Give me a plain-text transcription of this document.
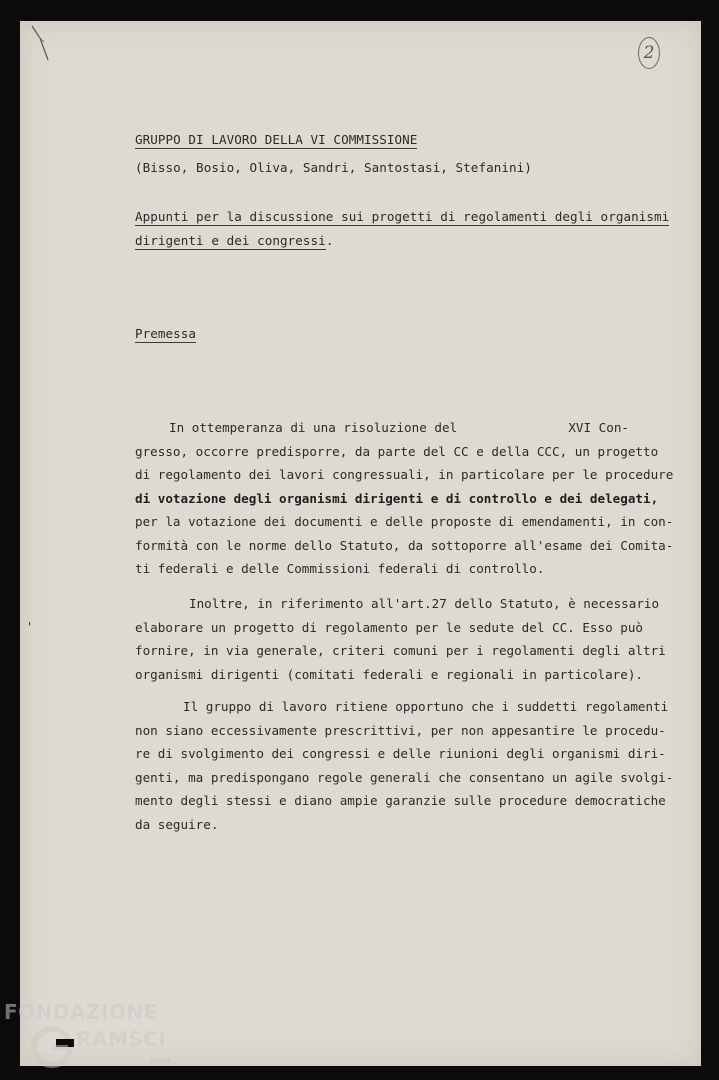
2
GRUPPO DI LAVORO DELLA VI COMMISSIONE
(Bisso, Bosio, Oliva, Sandri, Santostasi, Stefanini)
Appunti per la discussione sui progetti di regolamenti degli organismi
dirigenti e dei congressi.
Premessa
In ottemperanza di una risoluzione del	XVI Con-
gresso, occorre predisporre, da parte del CC e della CCC, un progetto
di regolamento dei lavori congressuali, in particolare per le procedure
di votazione degli organismi dirigenti e di controllo e dei delegati,
per la votazione dei documenti e delle proposte di emendamenti, in con-
formità con le norme dello Statuto, da sottoporre all'esame dei Comita-
ti federali e delle Commissioni federali di controllo.
Inoltre, in riferimento all'art.27 dello Statuto, è necessario
elaborare un progetto di regolamento per le sedute del CC. Esso può
fornire, in via generale, criteri comuni per i regolamenti degli altri
organismi dirigenti (comitati federali e regionali in particolare).
Il gruppo di lavoro ritiene opportuno che i suddetti regolamenti
non siano eccessivamente prescrittivi, per non appesantire le procedu-
re di svolgimento dei congressi e delle riunioni degli organismi diri-
genti, ma predispongano regole generali che consentano un agile svolgi-
mento degli stessi e diano ampie garanzie sulle procedure democratiche
da seguire.
'
FONDAZIONE
RAMSCI
onlus
